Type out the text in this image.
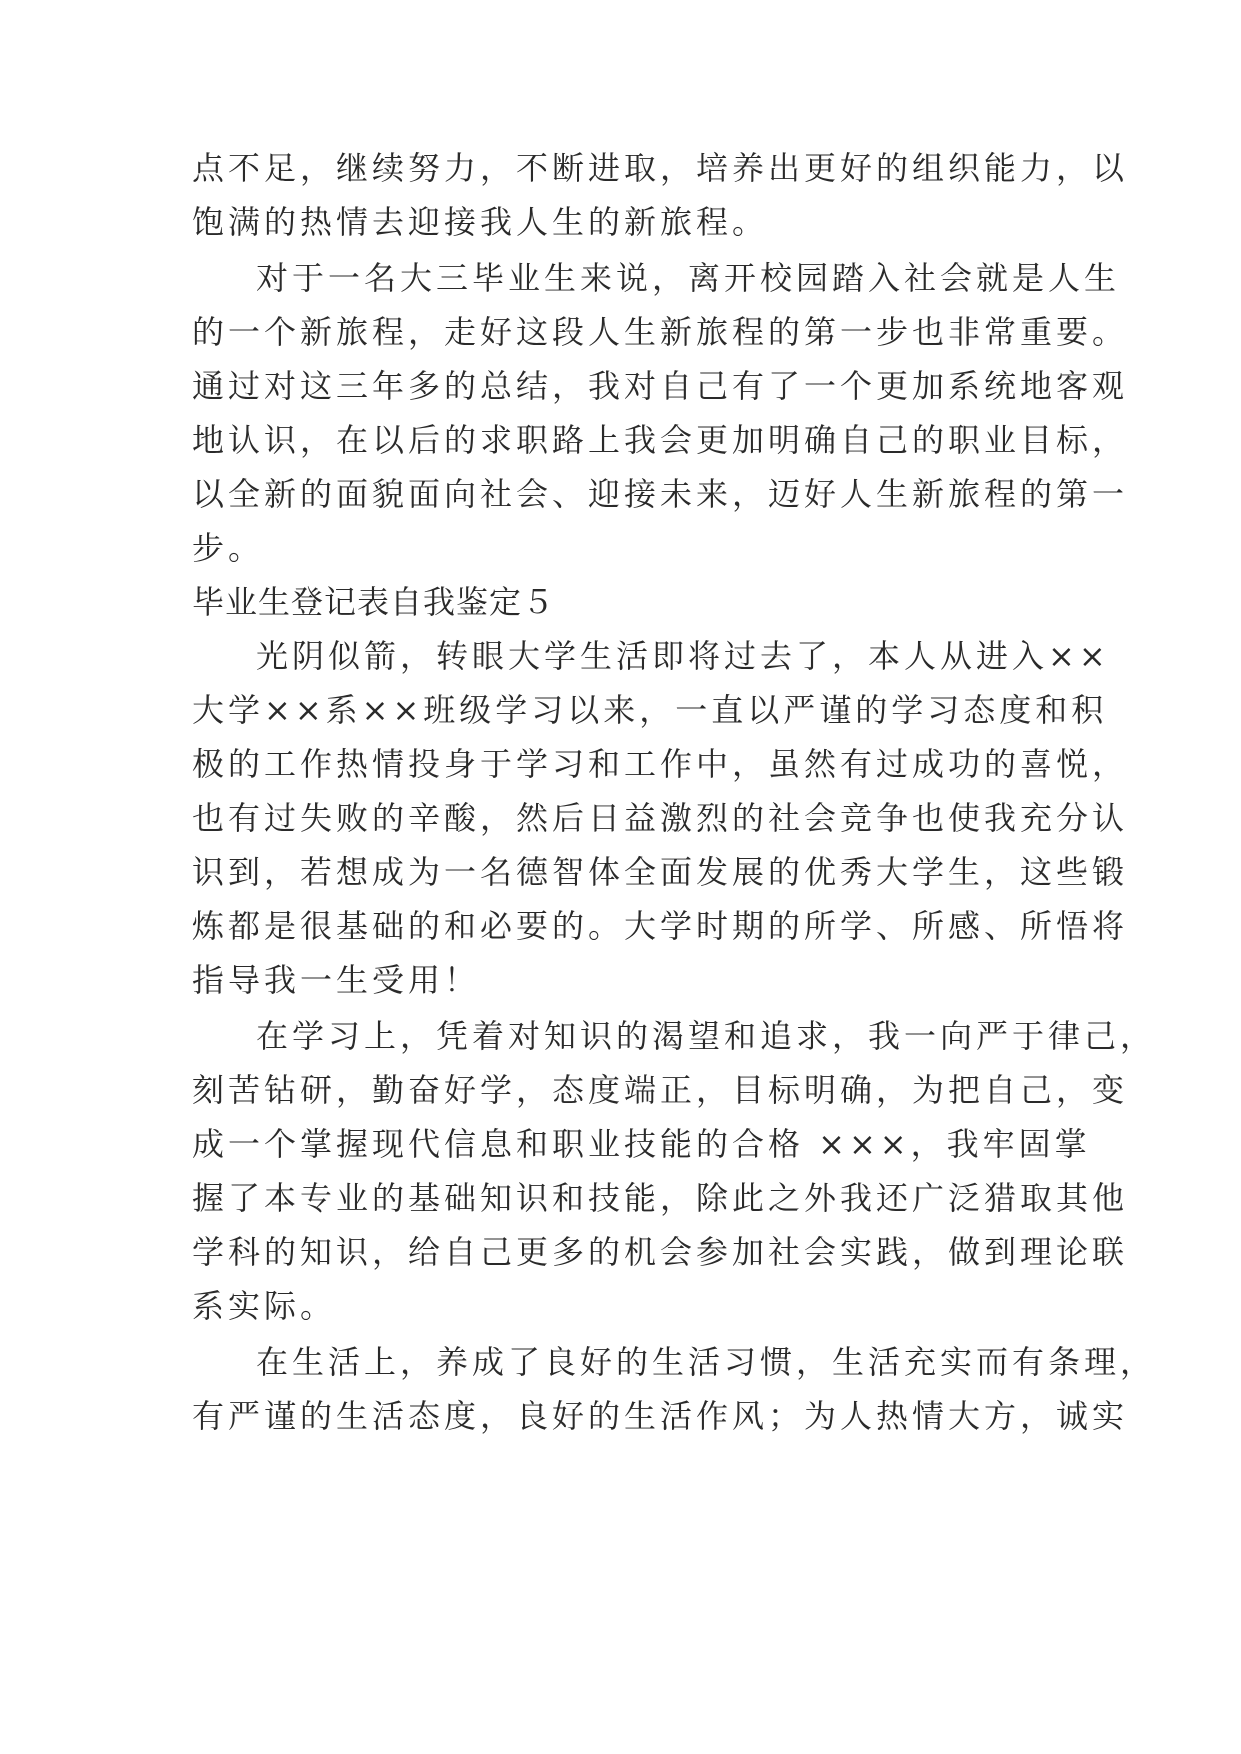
点不足，继续努力，不断进取，培养出更好的组织能力，以
饱满的热情去迎接我人生的新旅程。
对于一名大三毕业生来说，离开校园踏入社会就是人生
的一个新旅程，走好这段人生新旅程的第一步也非常重要。
通过对这三年多的总结，我对自己有了一个更加系统地客观
地认识，在以后的求职路上我会更加明确自己的职业目标，
以全新的面貌面向社会、迎接未来，迈好人生新旅程的第一
步。
毕业生登记表自我鉴定５
光阴似箭，转眼大学生活即将过去了，本人从进入××
大学××系××班级学习以来，一直以严谨的学习态度和积
极的工作热情投身于学习和工作中，虽然有过成功的喜悦，
也有过失败的辛酸，然后日益激烈的社会竞争也使我充分认
识到，若想成为一名德智体全面发展的优秀大学生，这些锻
炼都是很基础的和必要的。大学时期的所学、所感、所悟将
指导我一生受用！
在学习上，凭着对知识的渴望和追求，我一向严于律己，
刻苦钻研，勤奋好学，态度端正，目标明确，为把自己，变
成一个掌握现代信息和职业技能的合格 ×××，我牢固掌
握了本专业的基础知识和技能，除此之外我还广泛猎取其他
学科的知识，给自己更多的机会参加社会实践，做到理论联
系实际。
在生活上，养成了良好的生活习惯，生活充实而有条理，
有严谨的生活态度，良好的生活作风；为人热情大方，诚实
